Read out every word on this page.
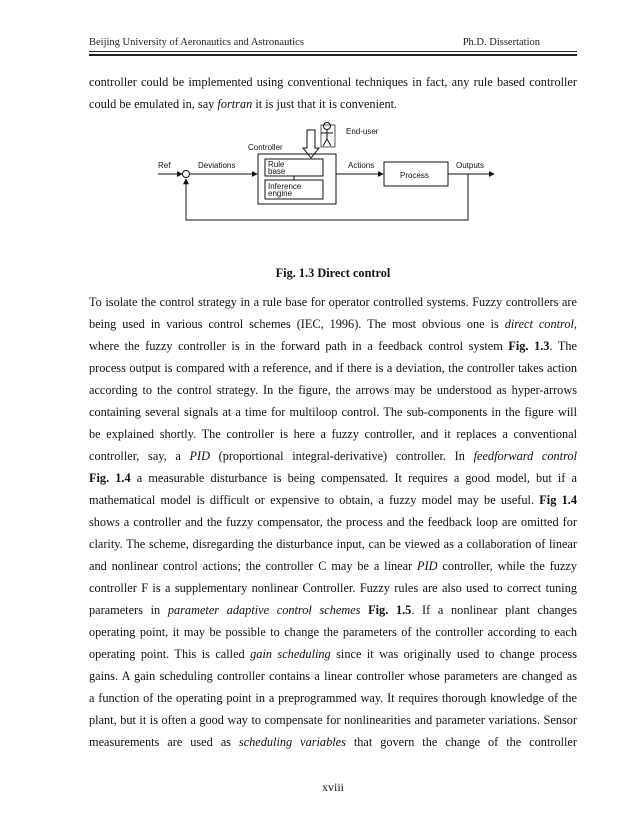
Beijing University of Aeronautics and Astronautics	Ph.D. Dissertation
controller could be implemented using conventional techniques in fact, any rule based controller
could be emulated in, say fortran it is just that it is convenient.
End-user
Controller
Rule
base
Inference
engine
Ref	Deviations	Actions
Process
Outputs
Fig. 1.3 Direct control
To isolate the control strategy in a rule base for operator controlled systems. Fuzzy controllers are
being used in various control schemes (IEC, 1996). The most obvious one is direct control,
where the fuzzy controller is in the forward path in a feedback control system Fig. 1.3. The
process output is compared with a reference, and if there is a deviation, the controller takes action
according to the control strategy. In the figure, the arrows may be understood as hyper-arrows
containing several signals at a time for multiloop control. The sub-components in the figure will
be explained shortly. The controller is here a fuzzy controller, and it replaces a conventional
controller, say, a PID (proportional integral-derivative) controller. In feedforward control
Fig. 1.4 a measurable disturbance is being compensated. It requires a good model, but if a
mathematical model is difficult or expensive to obtain, a fuzzy model may be useful. Fig 1.4
shows a controller and the fuzzy compensator, the process and the feedback loop are omitted for
clarity. The scheme, disregarding the disturbance input, can be viewed as a collaboration of linear
and nonlinear control actions; the controller C may be a linear PID controller, while the fuzzy
controller F is a supplementary nonlinear Controller. Fuzzy rules are also used to correct tuning
parameters in parameter adaptive control schemes Fig. 1.5. If a nonlinear plant changes
operating point, it may be possible to change the parameters of the controller according to each
operating point. This is called gain scheduling since it was originally used to change process
gains. A gain scheduling controller contains a linear controller whose parameters are changed as
a function of the operating point in a preprogrammed way. It requires thorough knowledge of the
plant, but it is often a good way to compensate for nonlinearities and parameter variations. Sensor
measurements are used as scheduling variables that govern the change of the controller
xviii
